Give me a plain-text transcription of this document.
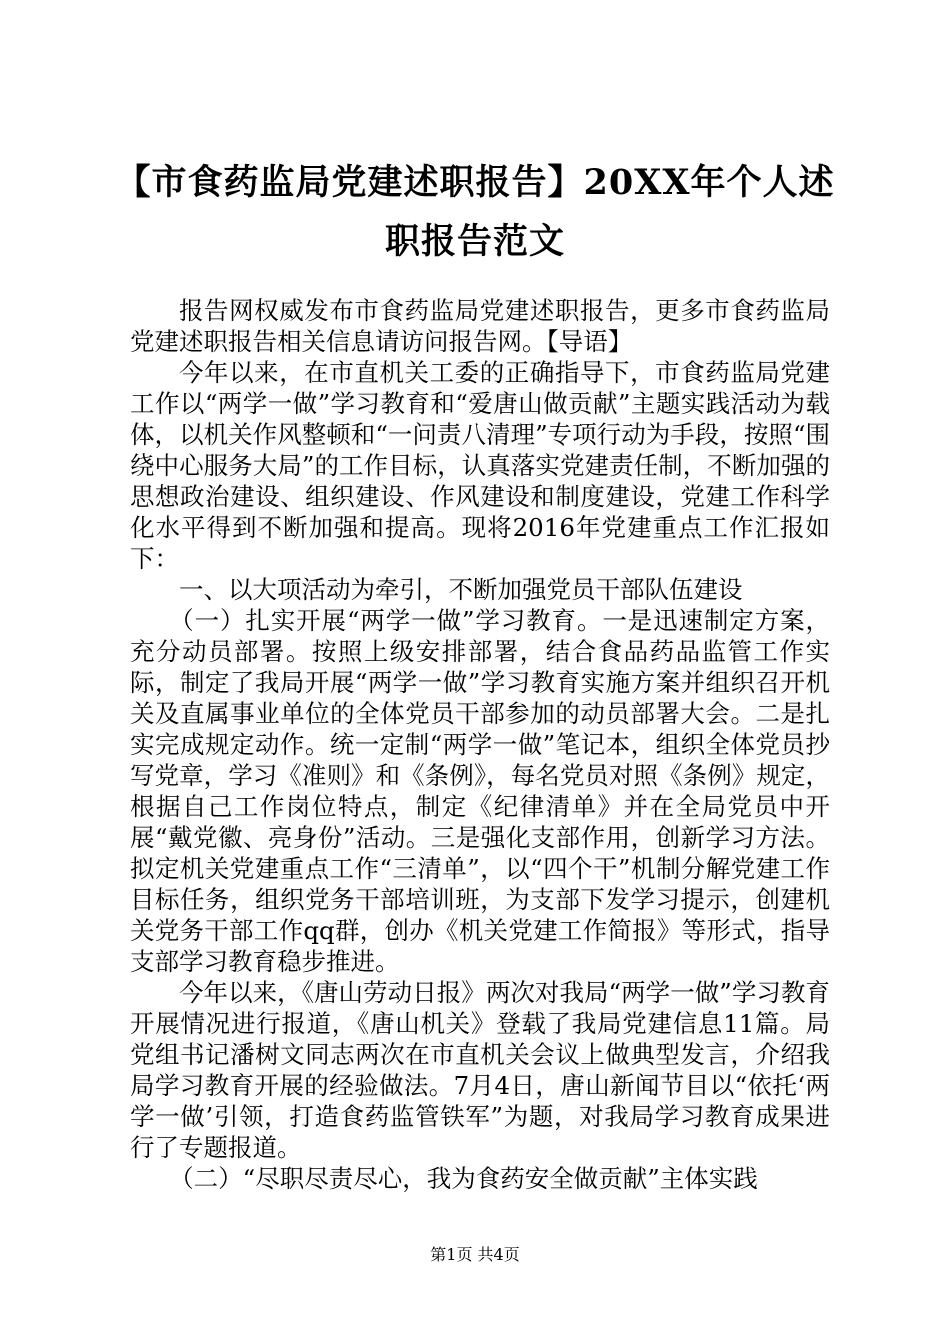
【市食药监局党建述职报告】20XX年个人述
职报告范文

报告网权威发布市食药监局党建述职报告，更多市食药监局党建述职报告相关信息请访问报告网。【导语】

今年以来，在市直机关工委的正确指导下，市食药监局党建工作以“两学一做”学习教育和“爱唐山做贡献”主题实践活动为载体，以机关作风整顿和“一问责八清理”专项行动为手段，按照“围绕中心服务大局”的工作目标，认真落实党建责任制，不断加强的思想政治建设、组织建设、作风建设和制度建设，党建工作科学化水平得到不断加强和提高。现将2016年党建重点工作汇报如下：

一、以大项活动为牵引，不断加强党员干部队伍建设

（一）扎实开展“两学一做”学习教育。一是迅速制定方案，充分动员部署。按照上级安排部署，结合食品药品监管工作实际，制定了我局开展“两学一做”学习教育实施方案并组织召开机关及直属事业单位的全体党员干部参加的动员部署大会。二是扎实完成规定动作。统一定制“两学一做”笔记本，组织全体党员抄写党章，学习《准则》和《条例》，每名党员对照《条例》规定，根据自己工作岗位特点，制定《纪律清单》并在全局党员中开展“戴党徽、亮身份”活动。三是强化支部作用，创新学习方法。拟定机关党建重点工作“三清单”，以“四个干”机制分解党建工作目标任务，组织党务干部培训班，为支部下发学习提示，创建机关党务干部工作qq群，创办《机关党建工作简报》等形式，指导支部学习教育稳步推进。

今年以来，《唐山劳动日报》两次对我局“两学一做”学习教育开展情况进行报道，《唐山机关》登载了我局党建信息11篇。局党组书记潘树文同志两次在市直机关会议上做典型发言，介绍我局学习教育开展的经验做法。7月4日，唐山新闻节目以“依托‘两学一做’引领，打造食药监管铁军”为题，对我局学习教育成果进行了专题报道。

（二）“尽职尽责尽心，我为食药安全做贡献”主体实践

第1页 共4页
